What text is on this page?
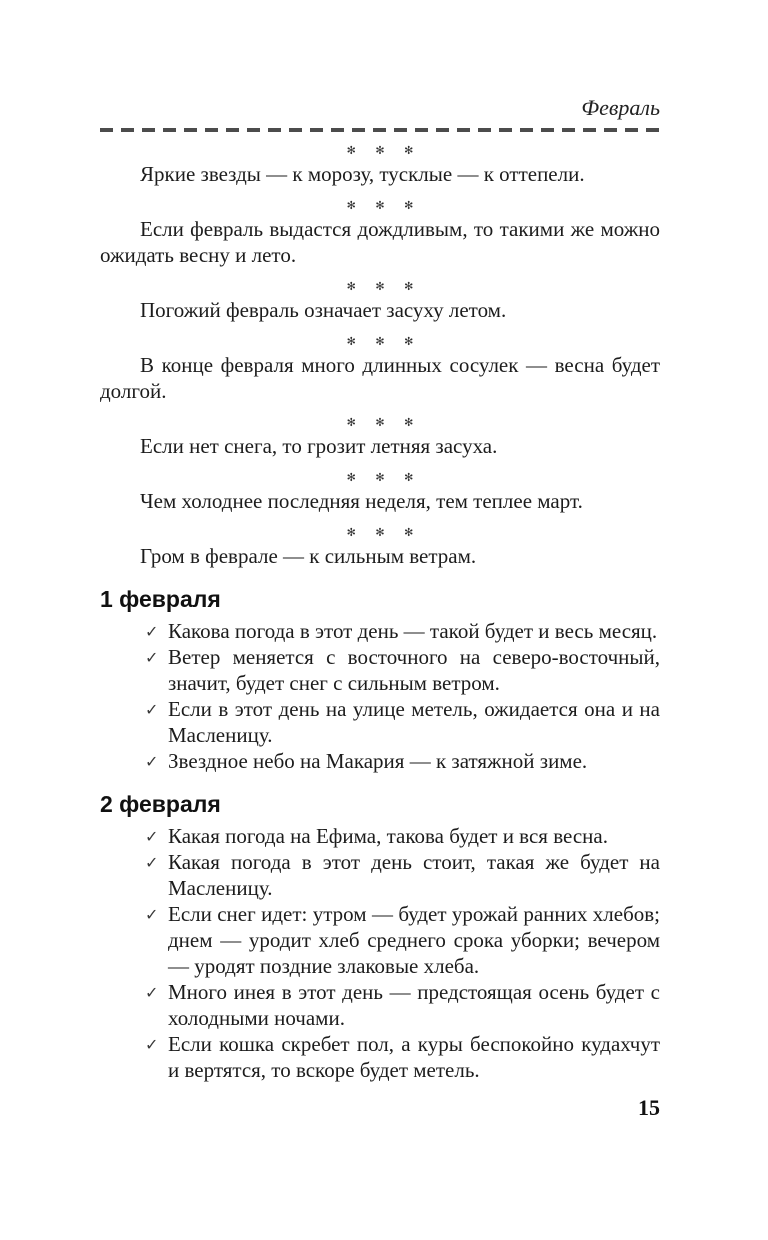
Февраль
✻ ✻ ✻

Яркие звезды — к морозу, тусклые — к оттепели.

✻ ✻ ✻

Если февраль выдастся дождливым, то такими же можно ожидать весну и лето.

✻ ✻ ✻

Погожий февраль означает засуху летом.

✻ ✻ ✻

В конце февраля много длинных сосулек — весна будет долгой.

✻ ✻ ✻

Если нет снега, то грозит летняя засуха.

✻ ✻ ✻

Чем холоднее последняя неделя, тем теплее март.

✻ ✻ ✻

Гром в феврале — к сильным ветрам.

1 февраля
✓ Какова погода в этот день — такой будет и весь месяц.
✓ Ветер меняется с восточного на северо-восточный, значит, будет снег с сильным ветром.
✓ Если в этот день на улице метель, ожидается она и на Масленицу.
✓ Звездное небо на Макария — к затяжной зиме.
2 февраля
✓ Какая погода на Ефима, такова будет и вся весна.
✓ Какая погода в этот день стоит, такая же будет на Масленицу.
✓ Если снег идет: утром — будет урожай ранних хлебов; днем — уродит хлеб среднего срока уборки; вечером — уродят поздние злаковые хлеба.
✓ Много инея в этот день — предстоящая осень будет с холодными ночами.
✓ Если кошка скребет пол, а куры беспокойно кудахчут и вертятся, то вскоре будет метель.
15
